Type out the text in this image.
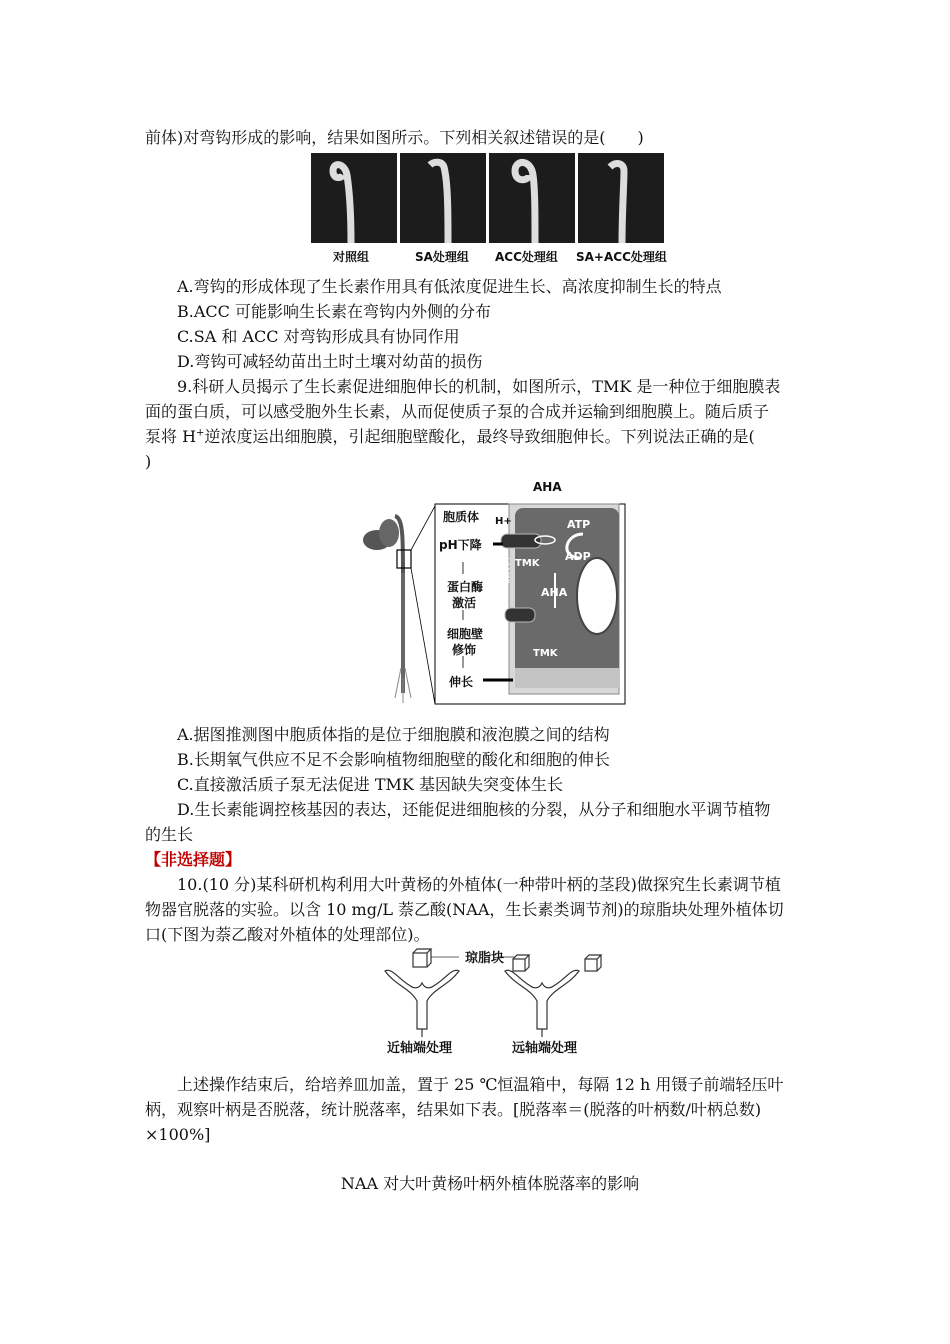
前体)对弯钩形成的影响，结果如图所示。下列相关叙述错误的是(　　)
对照组	SA处理组 ACC处理组 SA+ACC处理组
A.弯钩的形成体现了生长素作用具有低浓度促进生长、高浓度抑制生长的特点
B.ACC 可能影响生长素在弯钩内外侧的分布
C.SA 和 ACC 对弯钩形成具有协同作用
D.弯钩可减轻幼苗出土时土壤对幼苗的损伤
9.科研人员揭示了生长素促进细胞伸长的机制，如图所示，TMK 是一种位于细胞膜表
面的蛋白质，可以感受胞外生长素，从而促使质子泵的合成并运输到细胞膜上。随后质子
泵将 H+逆浓度运出细胞膜，引起细胞壁酸化，最终导致细胞伸长。下列说法正确的是(
)
AHA
胞质体 H+
pH下降
蛋白酶
激活
细胞壁
修饰
伸长
ATP
ADP
TMK
AHA
生长素
TMK
A.据图推测图中胞质体指的是位于细胞膜和液泡膜之间的结构
B.长期氧气供应不足不会影响植物细胞壁的酸化和细胞的伸长
C.直接激活质子泵无法促进 TMK 基因缺失突变体生长
D.生长素能调控核基因的表达，还能促进细胞核的分裂，从分子和细胞水平调节植物
的生长
【非选择题】
10.(10 分)某科研机构利用大叶黄杨的外植体(一种带叶柄的茎段)做探究生长素调节植
物器官脱落的实验。以含 10 mg/L 萘乙酸(NAA，生长素类调节剂)的琼脂块处理外植体切
口(下图为萘乙酸对外植体的处理部位)。
琼脂块
近轴端处理	远轴端处理
上述操作结束后，给培养皿加盖，置于 25 ℃恒温箱中，每隔 12 h 用镊子前端轻压叶
柄，观察叶柄是否脱落，统计脱落率，结果如下表。[脱落率＝(脱落的叶柄数/叶柄总数)
×100%]
NAA 对大叶黄杨叶柄外植体脱落率的影响
